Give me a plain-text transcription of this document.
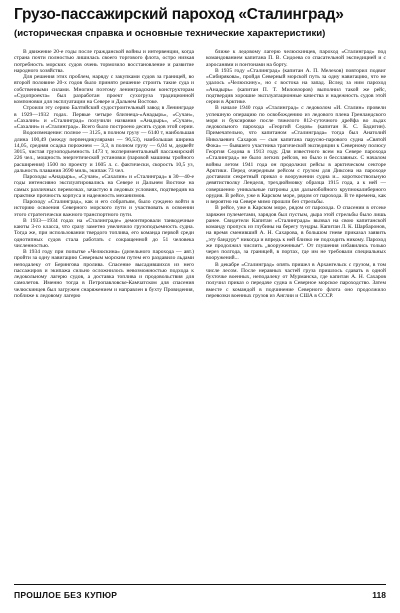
Грузо-пассажирский пароход «Сталинград»
(историческая справка и основные технические характеристики)

В движение 20-е годы после гражданской войны и интервенции, когда страна почти полностью лишилась своего торгового флота, остро низкая потребность морских судов очень тормозило восстановление и развитие народного хозяйства.

Для решения этих проблем, наряду с закупками судов за границей, во второй половине 20-х годов было принято решение строить такие суда и собственными силами. Многим поэтому ленинградским конструкторам «Судопроекта» был разработан проект сухогруза традиционной компоновки для эксплуатации на Севере и Дальнем Востоке.

Строили эту серию Балтийский судостроительный завод в Ленинграде в 1929—1932 годах. Первые четыре близнеца-«Анадырь», «Сучан», «Сахалин» и «Сталинград» получили названия «Анадырь», «Сучан», «Сахалин» и «Сталинград». Всего было построено десять судов этой серии.

Водоизмещение: полное — 3125, в полном грузу — 6140 т, наибольшая длина 100,49 (между перпендикулярами — 96,53), наибольшая ширина 14,05, средняя осадка порожнем — 3,3, в полном грузу — 6,04 м, дедвейт 3015, чистая грузоподъемность 1473 т, экспериментальный пассажирский 226 чел., мощность энергетической установки (паровой машины тройного расширения) 1500 по проекту и 1605 л. с. фактически, скорость 10,5 уз, дальность плавания 3690 миль, экипаж 73 чел.

Пароходы «Анадырь», «Сучан», «Сахалин» и «Сталинград» в 30—40-е годы интенсивно эксплуатировались на Севере и Дальнем Востоке на самых различных перевозках, зачастую в ледовых условиях, подтвердив на практике прочность корпуса и надежность механизмов.

Пароходу «Сталинград», как и его собратьям, было суждено войти в историю освоения Северного морского пути и участвовать в освоении этого стратегически важного транспортного пути.

В 1933—1934 годах на «Сталинграде» демонтировали танкодечные каюты 3-го класса, что сразу заметно увеличило грузоподъемность судна. Тогда же, при использовании твердого топлива, его команда первой среди однотипных судов стала работать с сокращенной до 51 человека численностью.

В 1934 году при попытке «Челюскина» (дизельного парохода — авт.) пройти за одну навигацию Северным морским путем его раздавило льдами неподалеку от Берингова пролива. Спасение высадившихся из него пассажиров и экипажа сильно осложнилось невозможностью подхода к ледокольному лагерю судов, а доставка топлива и продовольствия для самолетов. Именно тогда в Петропавловске-Камчатском для спасения челюскинцев был загружен снаряжением и направлен в бухту Провидения, поближе к ледовому лагерю

ближе к ледовому лагерю челюскинцев, пароход «Сталинград» под командованием капитана П. В. Сидоева со спасательной экспедицией и с аэросанями и понтонами на борту.

В 1935 году «Сталинград» (капитан А. П. Мелехов) повторил подвиг «Сибирякова», пройдя Северный морской путь за одну навигацию, что не удалось «Челюскину», но с востока на запад. Вслед за ним пароход «Анадырь» (капитан П. Т. Миловзоров) выполнил такой же рейс, подтвердив хорошие эксплуатационные качества и надежность судов этой серии в Арктике.

В начале 1940 года «Сталинград» с ледоколом «И. Сталин» провели успешную операцию по освобождению из ледового плена Гренландского моря и буксировке после тяжелого 812-суточного дрейфа во льдах ледокольного парохода «Георгий Седов» (капитан К. С. Бадигин). Примечательно, что капитаном «Сталинграда» тогда был Анатолий Николаевич Сахаров — сын капитана парусно-парового судна «Святой Фока» — бывшего участника трагической экспедиции к Северному полюсу Георгия Седова в 1913 году. Для известного всем на Севере парохода «Сталинград» не было легких рейсов, но было и бесславных. С началом войны летом 1941 года он продолжил рейсы в арктическом секторе Арктики. Перед очередным рейсом с грузом для Диксона на пароходе доставили секретный приказ о вооружении судна и... короткоствольную девятистволку Ленделя, трехдюймовку образца 1915 года, а к ней — совершенно уникальные патроны для дальнобойного крупнокалиберного орудия. В рейсе, уже в Карском море, рядом от парохода. В те времена, как и вероятно на Севере мимо прошли без стрельбы.

В рейсе, уже в Карском море, рядом от парохода. О спасении в отсеке заряжен пулеметами, зарядов был пустым, дыра этой стрельбы было лишь ранее. Свидетели Капитан «Сталинграда» вызвал на свою капитанской команду пропуск из глубины на берегу тундры. Капитан Л. К. Шарбаронов, на время сменивший А. Н. Сахарова, в большом гневе приказал заявить „эту бандуру“ никогда и впредь к ней близко не подходить никому. Пароход же продолжил числить „вооруженным“. От глушения избавились только через полгода, за границей, в портах, где им не требовали специальных вооружений...

В декабре «Сталинград» опять пришел в Архангельск с грузом, в том числе лесом. После неравных частей груза пришлось сдавать в одной бухточке военных, неподалеку от Мурманска, где капитан А. Н. Сахаров получил приказ о передаче судна в Северное морское пароходство. Затем вместе с командой в подчинение Северного флота оно продолжило перевозки военных грузов из Англии и США в СССР.

ПРОШЛОЕ БЕЗ КУПЮР	118
